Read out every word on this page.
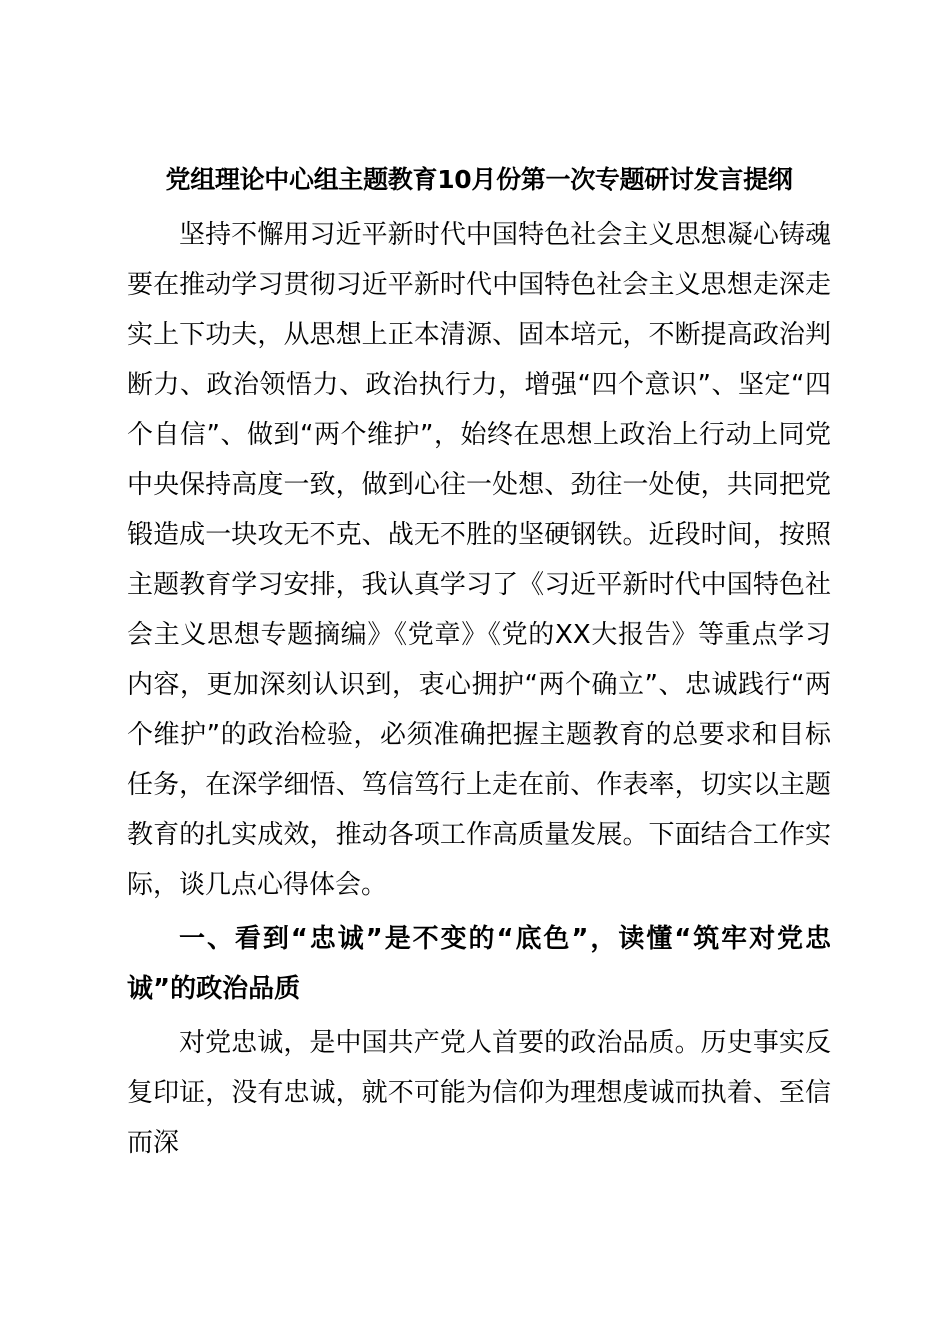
党组理论中心组主题教育10月份第一次专题研讨发言提纲

坚持不懈用习近平新时代中国特色社会主义思想凝心铸魂要在推动学习贯彻习近平新时代中国特色社会主义思想走深走实上下功夫，从思想上正本清源、固本培元，不断提高政治判断力、政治领悟力、政治执行力，增强“四个意识”、坚定“四个自信”、做到“两个维护”，始终在思想上政治上行动上同党中央保持高度一致，做到心往一处想、劲往一处使，共同把党锻造成一块攻无不克、战无不胜的坚硬钢铁。近段时间，按照主题教育学习安排，我认真学习了《习近平新时代中国特色社会主义思想专题摘编》《党章》《党的XX大报告》等重点学习内容，更加深刻认识到，衷心拥护“两个确立”、忠诚践行“两个维护”的政治检验，必须准确把握主题教育的总要求和目标任务，在深学细悟、笃信笃行上走在前、作表率，切实以主题教育的扎实成效，推动各项工作高质量发展。下面结合工作实际，谈几点心得体会。

一、看到“忠诚”是不变的“底色”，读懂“筑牢对党忠诚”的政治品质

对党忠诚，是中国共产党人首要的政治品质。历史事实反复印证，没有忠诚，就不可能为信仰为理想虔诚而执着、至信而深
